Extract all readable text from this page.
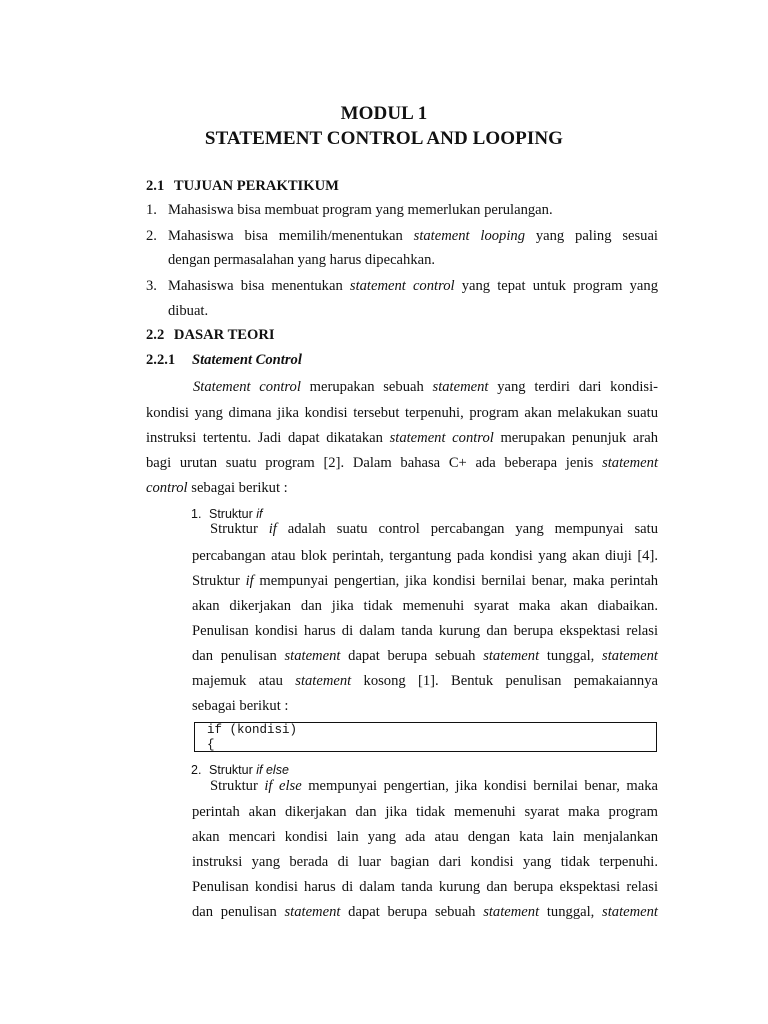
MODUL 1
STATEMENT CONTROL AND LOOPING
2.1 TUJUAN PERAKTIKUM
1. Mahasiswa bisa membuat program yang memerlukan perulangan.
2. Mahasiswa bisa memilih/menentukan statement looping yang paling sesuai
dengan permasalahan yang harus dipecahkan.
3. Mahasiswa bisa menentukan statement control yang tepat untuk program yang
dibuat.
2.2 DASAR TEORI
2.2.1 Statement Control
Statement control merupakan sebuah statement yang terdiri dari kondisi-
kondisi yang dimana jika kondisi tersebut terpenuhi, program akan melakukan suatu
instruksi tertentu. Jadi dapat dikatakan statement control merupakan penunjuk arah
bagi urutan suatu program [2]. Dalam bahasa C+ ada beberapa jenis statement
control sebagai berikut :
1. Struktur if
Struktur if adalah suatu control percabangan yang mempunyai satu
percabangan atau blok perintah, tergantung pada kondisi yang akan diuji [4].
Struktur if mempunyai pengertian, jika kondisi bernilai benar, maka perintah
akan dikerjakan dan jika tidak memenuhi syarat maka akan diabaikan.
Penulisan kondisi harus di dalam tanda kurung dan berupa ekspektasi relasi
dan penulisan statement dapat berupa sebuah statement tunggal, statement
majemuk atau statement kosong [1]. Bentuk penulisan pemakaiannya
sebagai berikut :
if (kondisi)
{
2. Struktur if else
Struktur if else mempunyai pengertian, jika kondisi bernilai benar, maka
perintah akan dikerjakan dan jika tidak memenuhi syarat maka program
akan mencari kondisi lain yang ada atau dengan kata lain menjalankan
instruksi yang berada di luar bagian dari kondisi yang tidak terpenuhi.
Penulisan kondisi harus di dalam tanda kurung dan berupa ekspektasi relasi
dan penulisan statement dapat berupa sebuah statement tunggal, statement
